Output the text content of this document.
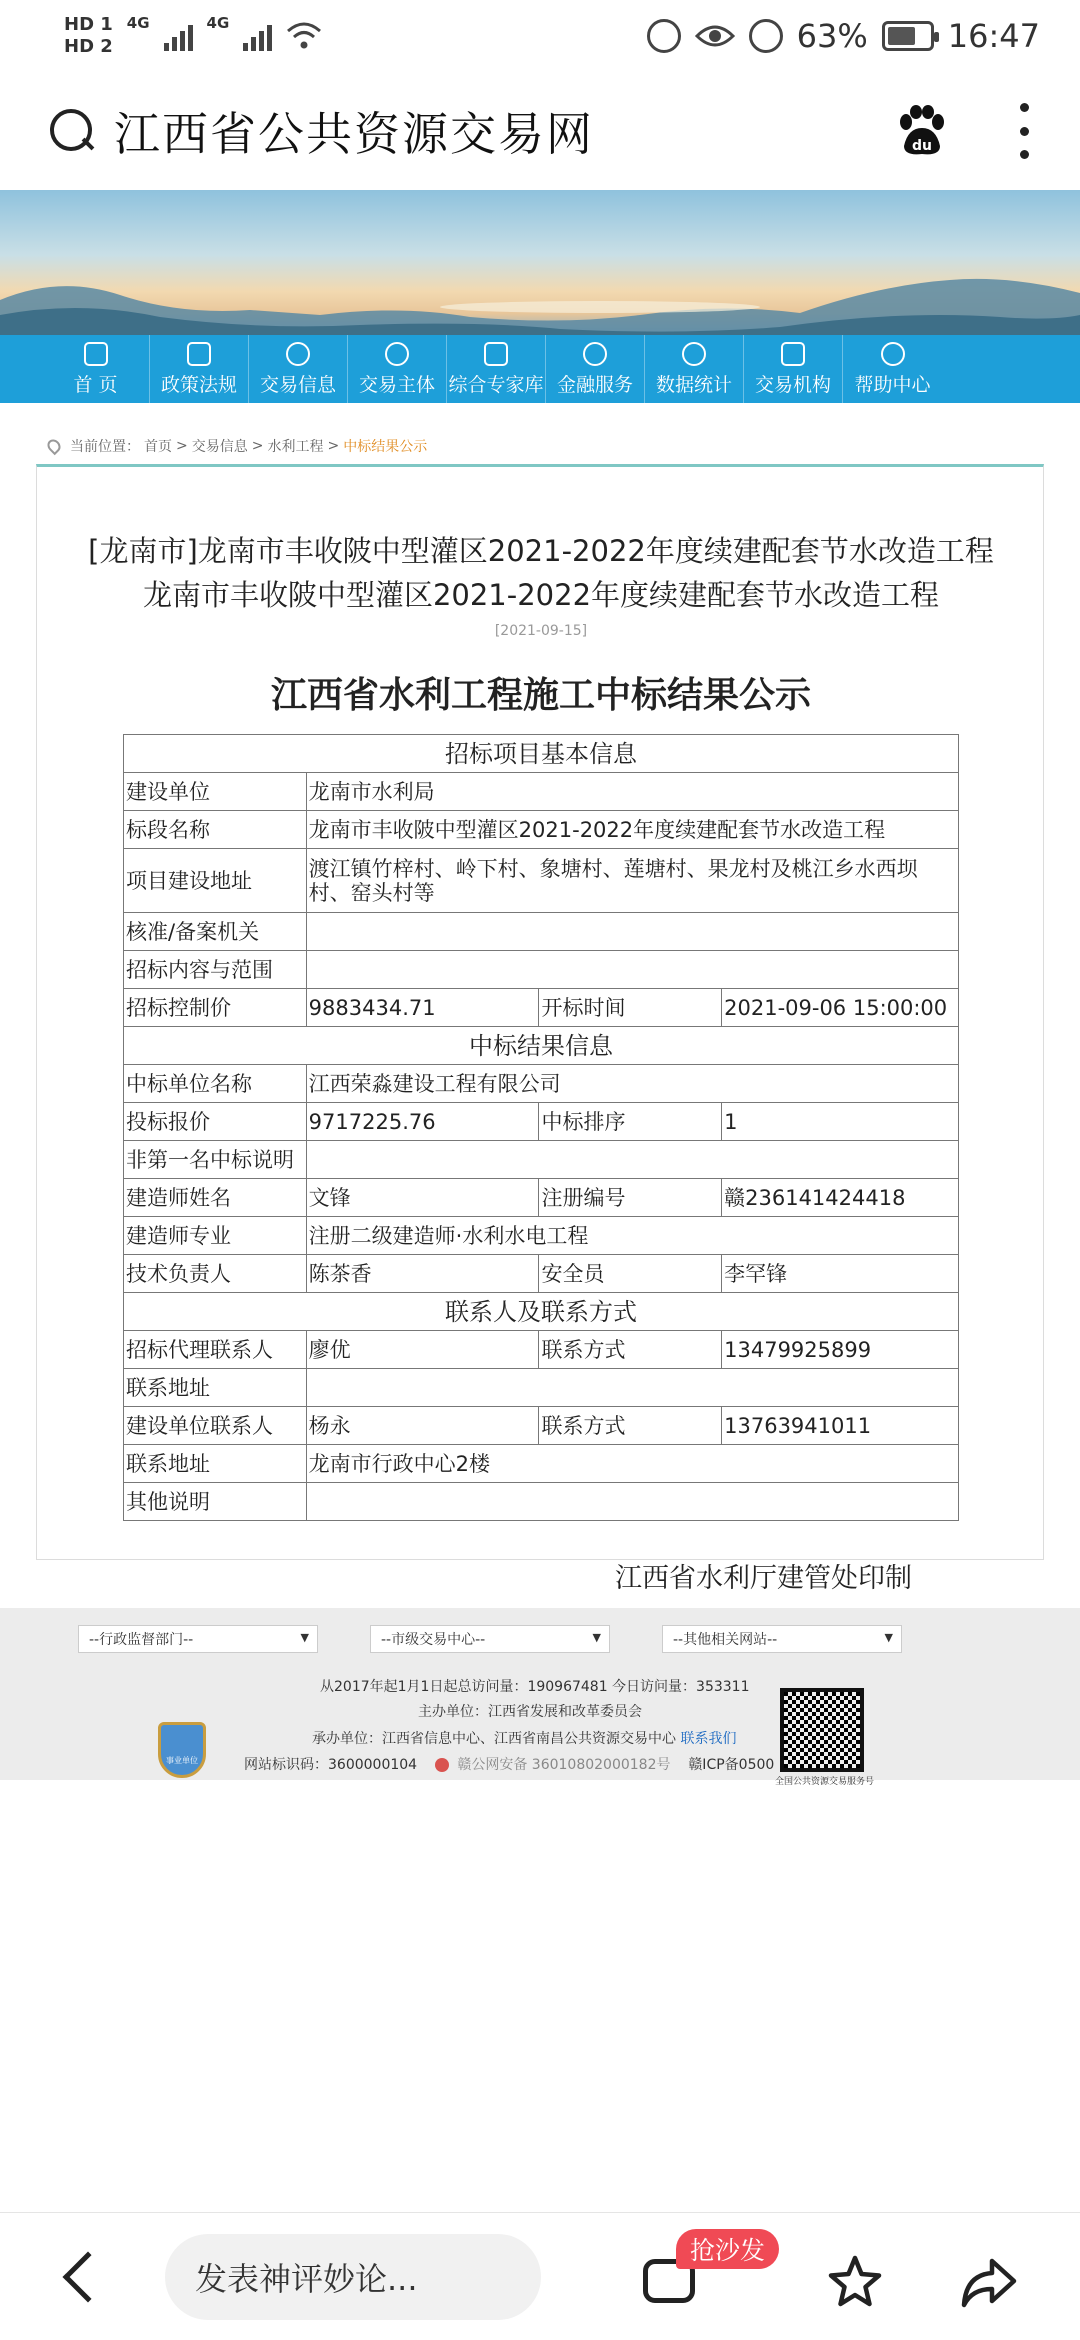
HD 1
HD 2
4G	4G	63%	16:47
江西省公共资源交易网	du
首 页 政策法规 交易信息 交易主体 综合专家库 金融服务 数据统计 交易机构 帮助中心
当前位置： 首页 > 交易信息 > 水利工程 > 中标结果公示
[龙南市]龙南市丰收陂中型灌区2021-2022年度续建配套节水改造工程
龙南市丰收陂中型灌区2021-2022年度续建配套节水改造工程
[2021-09-15]
江西省水利工程施工中标结果公示
招标项目基本信息			
建设单位	龙南市水利局		
标段名称	龙南市丰收陂中型灌区2021-2022年度续建配套节水改造工程		
项目建设地址	渡江镇竹梓村、岭下村、象塘村、莲塘村、果龙村及桃江乡水西坝村、窑头村等		
核准/备案机关			
招标内容与范围			
招标控制价	9883434.71	开标时间	2021-09-06 15:00:00
中标结果信息			
中标单位名称	江西荣淼建设工程有限公司		
投标报价	9717225.76	中标排序	1
非第一名中标说明			
建造师姓名	文锋	注册编号	赣236141424418
建造师专业	注册二级建造师·水利水电工程		
技术负责人	陈茶香	安全员	李罕锋
联系人及联系方式			
招标代理联系人	廖优	联系方式	13479925899
联系地址			
建设单位联系人	杨永	联系方式	13763941011
联系地址	龙南市行政中心2楼		
其他说明			
江西省水利厅建管处印制
--行政监督部门--	▼	--市级交易中心--	▼	--其他相关网站--	▼
从2017年起1月1日起总访问量：190967481 今日访问量：353311
主办单位：江西省发展和改革委员会
承办单位：江西省信息中心、江西省南昌公共资源交易中心 联系我们
网站标识码：3600000104	赣公网安备 36010802000182号 赣ICP备0500
事业单位
全国公共资源交易服务号
发表神评妙论...
抢沙发
